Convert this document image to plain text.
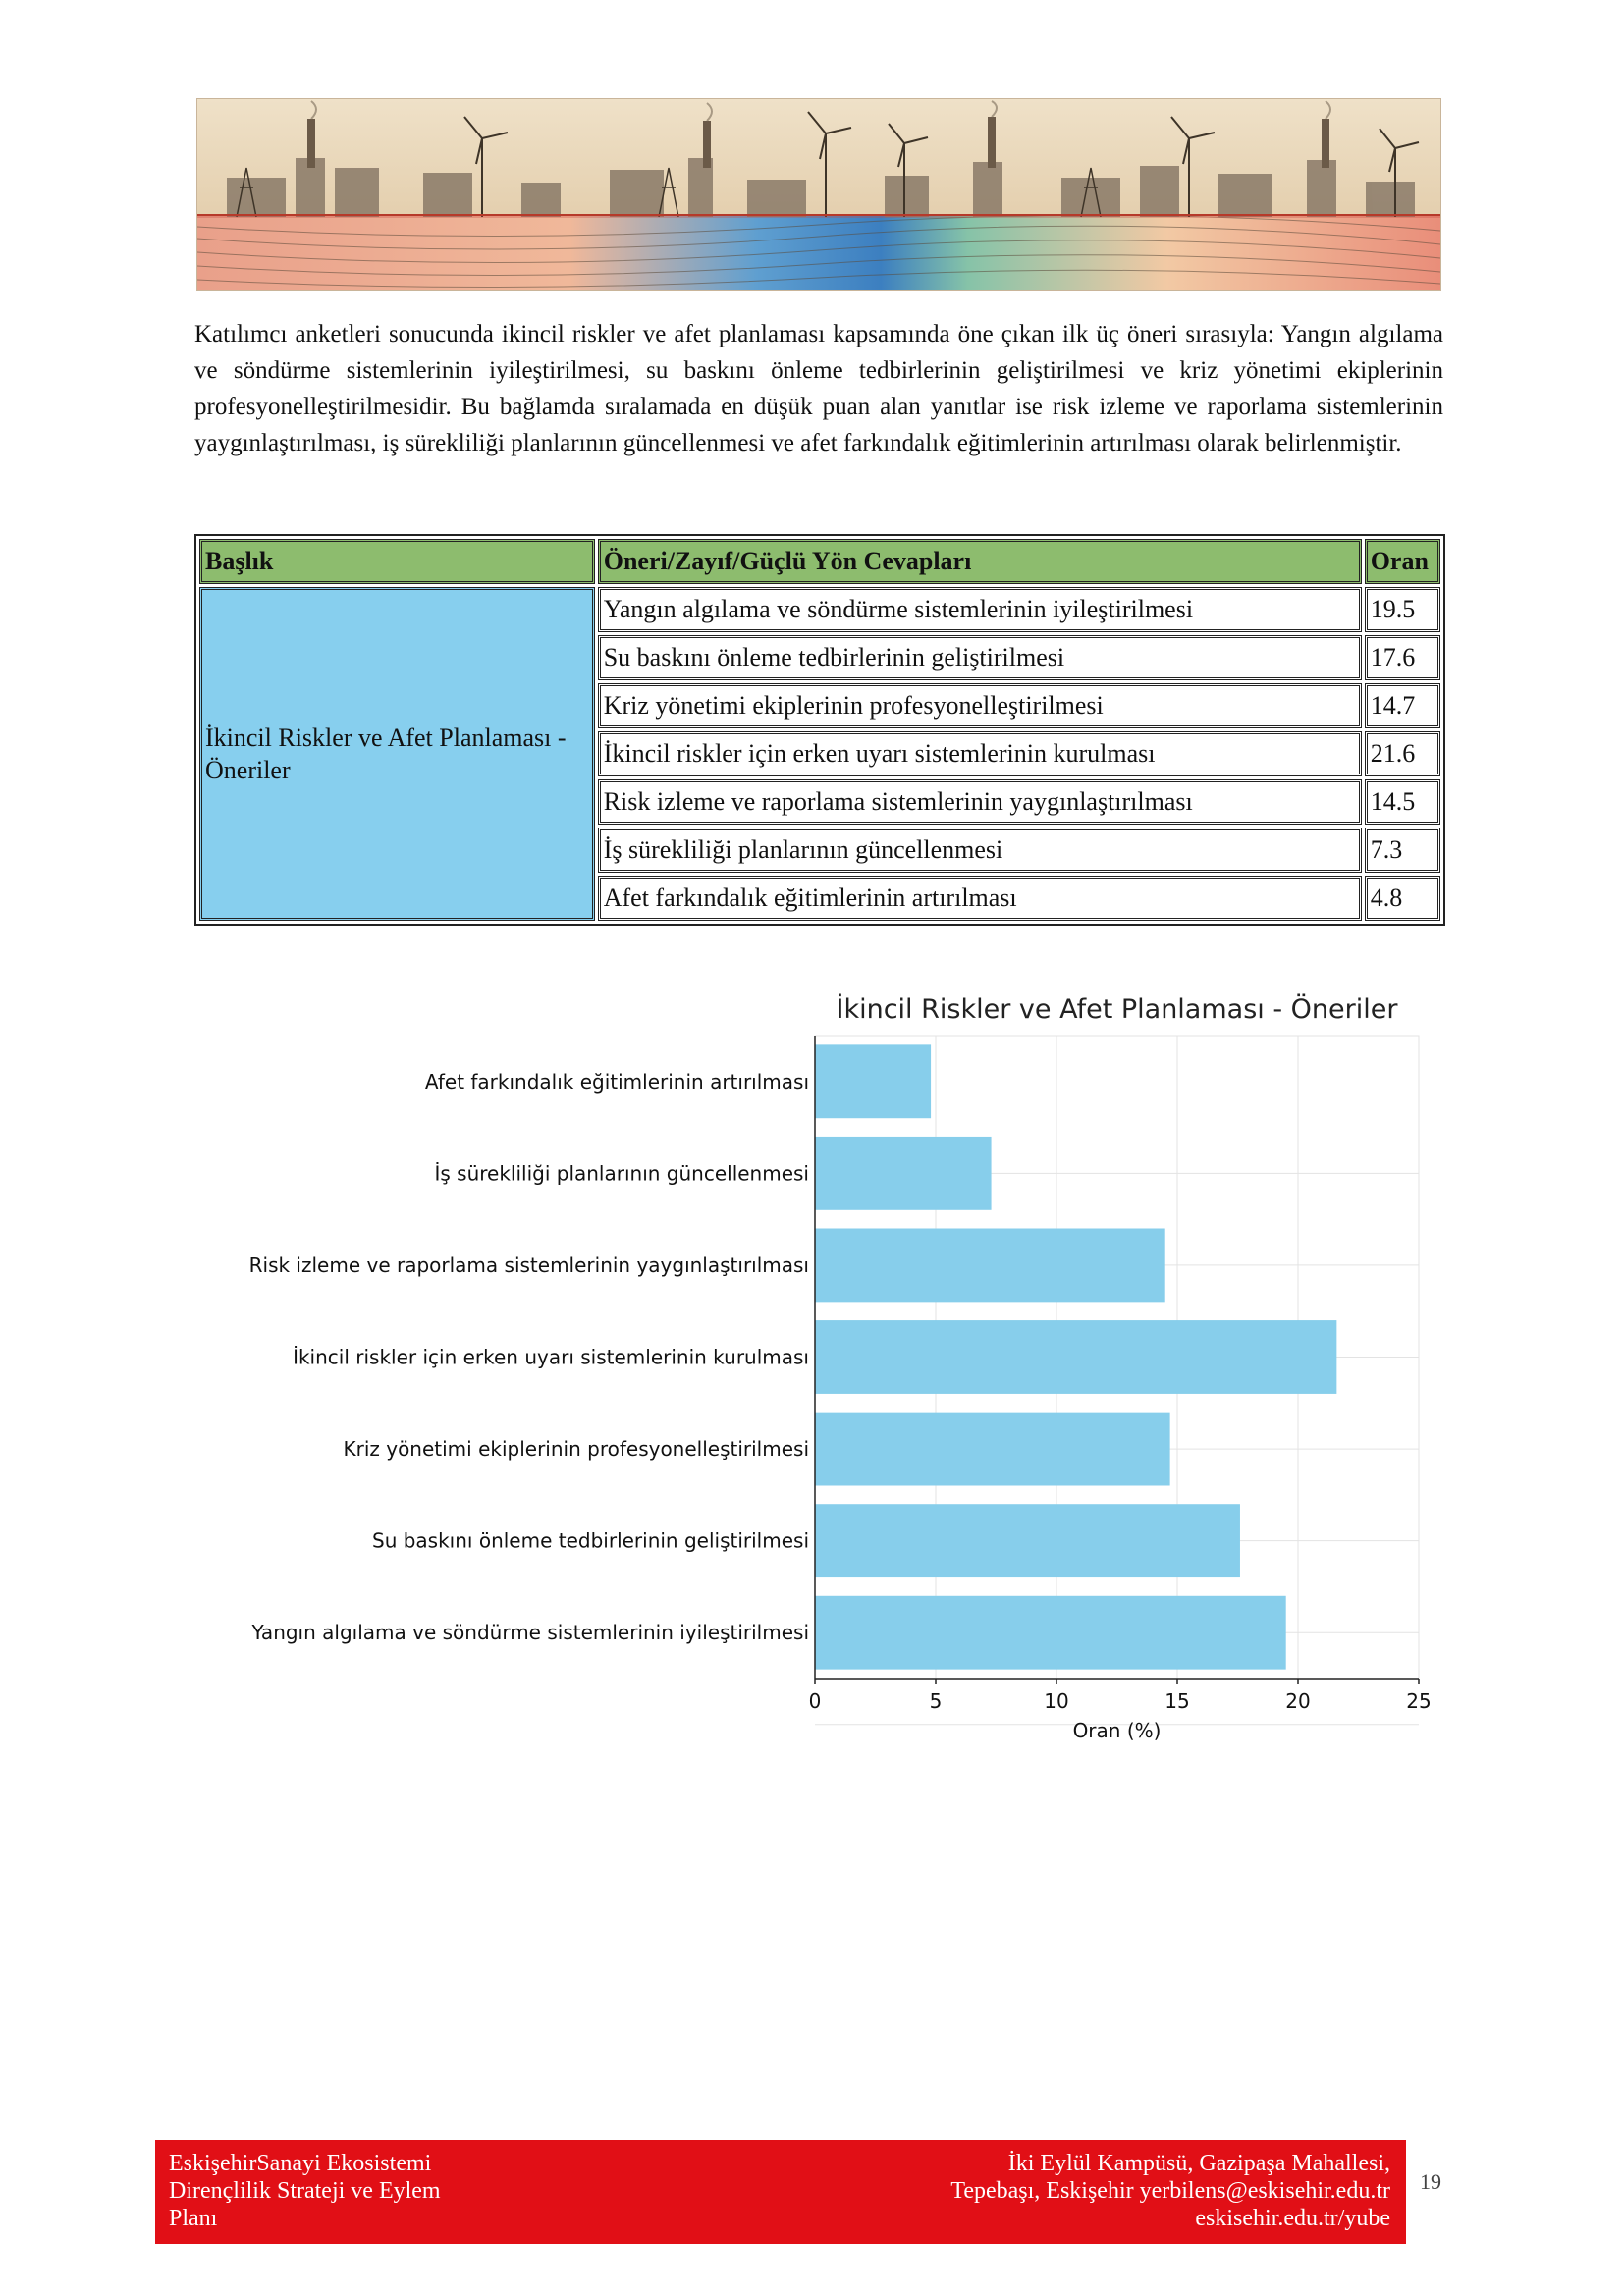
Katılımcı anketleri sonucunda ikincil riskler ve afet planlaması kapsamında öne çıkan ilk üç öneri sırasıyla: Yangın algılama ve söndürme sistemlerinin iyileştirilmesi, su baskını önleme tedbirlerinin geliştirilmesi ve kriz yönetimi ekiplerinin profesyonelleştirilmesidir. Bu bağlamda sıralamada en düşük puan alan yanıtlar ise risk izleme ve raporlama sistemlerinin yaygınlaştırılması, iş sürekliliği planlarının güncellenmesi ve afet farkındalık eğitimlerinin artırılması olarak belirlenmiştir.

Başlık	Öneri/Zayıf/Güçlü Yön Cevapları	Oran
İkincil Riskler ve Afet Planlaması - Öneriler	Yangın algılama ve söndürme sistemlerinin iyileştirilmesi	19.5
	Su baskını önleme tedbirlerinin geliştirilmesi	17.6
	Kriz yönetimi ekiplerinin profesyonelleştirilmesi	14.7
	İkincil riskler için erken uyarı sistemlerinin kurulması	21.6
	Risk izleme ve raporlama sistemlerinin yaygınlaştırılması	14.5
	İş sürekliliği planlarının güncellenmesi	7.3
	Afet farkındalık eğitimlerinin artırılması	4.8
Yangın algılama ve söndürme sistemlerinin iyileştirilmesi
Su baskını önleme tedbirlerinin geliştirilmesi
Kriz yönetimi ekiplerinin profesyonelleştirilmesi
İkincil riskler için erken uyarı sistemlerinin kurulması
Risk izleme ve raporlama sistemlerinin yaygınlaştırılması
İş sürekliliği planlarının güncellenmesi
Afet farkındalık eğitimlerinin artırılması
0	5	10	15	20	25
Oran (%)
İkincil Riskler ve Afet Planlaması - Öneriler
EskişehirSanayi Ekosistemi
Dirençlilik Strateji ve Eylem
Planı
İki Eylül Kampüsü, Gazipaşa Mahallesi,
Tepebaşı, Eskişehir yerbilens@eskisehir.edu.tr
eskisehir.edu.tr/yube
19
